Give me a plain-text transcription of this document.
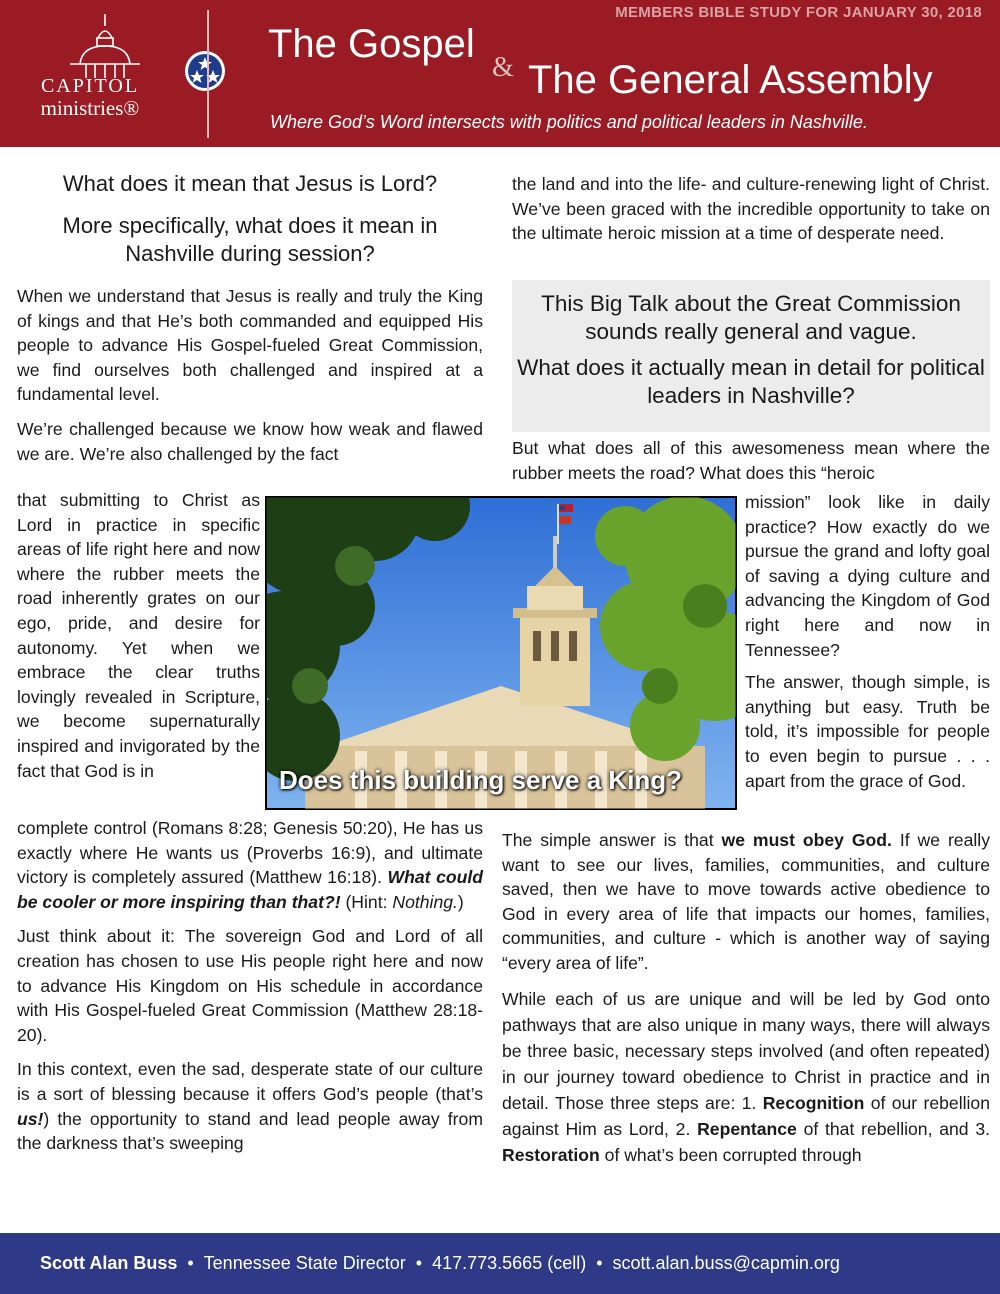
CAPITOL
ministries®
MEMBERS BIBLE STUDY FOR JANUARY 30, 2018
The Gospel
& The General Assembly
Where God’s Word intersects with politics and political leaders in Nashville.
What does it mean that Jesus is Lord?
More specifically, what does it mean in Nashville during session?

When we understand that Jesus is really and truly the King of kings and that He’s both commanded and equipped His people to advance His Gospel-fueled Great Commission, we find ourselves both challenged and inspired at a fundamental level.

We’re challenged because we know how weak and flawed we are. We’re also challenged by the fact

that submitting to Christ as Lord in practice in specific areas of life right here and now where the rubber meets the road inherently grates on our ego, pride, and desire for autonomy. Yet when we embrace the clear truths lovingly revealed in Scripture, we become supernaturally inspired and invigorated by the fact that God is in

complete control (Romans 8:28; Genesis 50:20), He has us exactly where He wants us (Proverbs 16:9), and ultimate victory is completely assured (Matthew 16:18). What could be cooler or more inspiring than that?! (Hint: Nothing.)

Just think about it: The sovereign God and Lord of all creation has chosen to use His people right here and now to advance His Kingdom on His schedule in accordance with His Gospel-fueled Great Commission (Matthew 28:18-20).

In this context, even the sad, desperate state of our culture is a sort of blessing because it offers God’s people (that’s us!) the opportunity to stand and lead people away from the darkness that’s sweeping

the land and into the life- and culture-renewing light of Christ. We’ve been graced with the incredible opportunity to take on the ultimate heroic mission at a time of desperate need.
This Big Talk about the Great Commission sounds really general and vague.
What does it actually mean in detail for political leaders in Nashville?
But what does all of this awesomeness mean where the rubber meets the road? What does this “heroic

mission” look like in daily practice? How exactly do we pursue the grand and lofty goal of saving a dying culture and advancing the Kingdom of God right here and now in Tennessee?

The answer, though simple, is anything but easy. Truth be told, it’s impossible for people to even begin to pursue . . . apart from the grace of God.

The simple answer is that we must obey God. If we really want to see our lives, families, communities, and culture saved, then we have to move towards active obedience to God in every area of life that impacts our homes, families, communities, and culture - which is another way of saying “every area of life”.

While each of us are unique and will be led by God onto pathways that are also unique in many ways, there will always be three basic, necessary steps involved (and often repeated) in our journey toward obedience to Christ in practice and in detail. Those three steps are: 1. Recognition of our rebellion against Him as Lord, 2. Repentance of that rebellion, and 3. Restoration of what’s been corrupted through

Does this building serve a King?
Scott Alan Buss • Tennessee State Director • 417.773.5665 (cell) • scott.alan.buss@capmin.org
